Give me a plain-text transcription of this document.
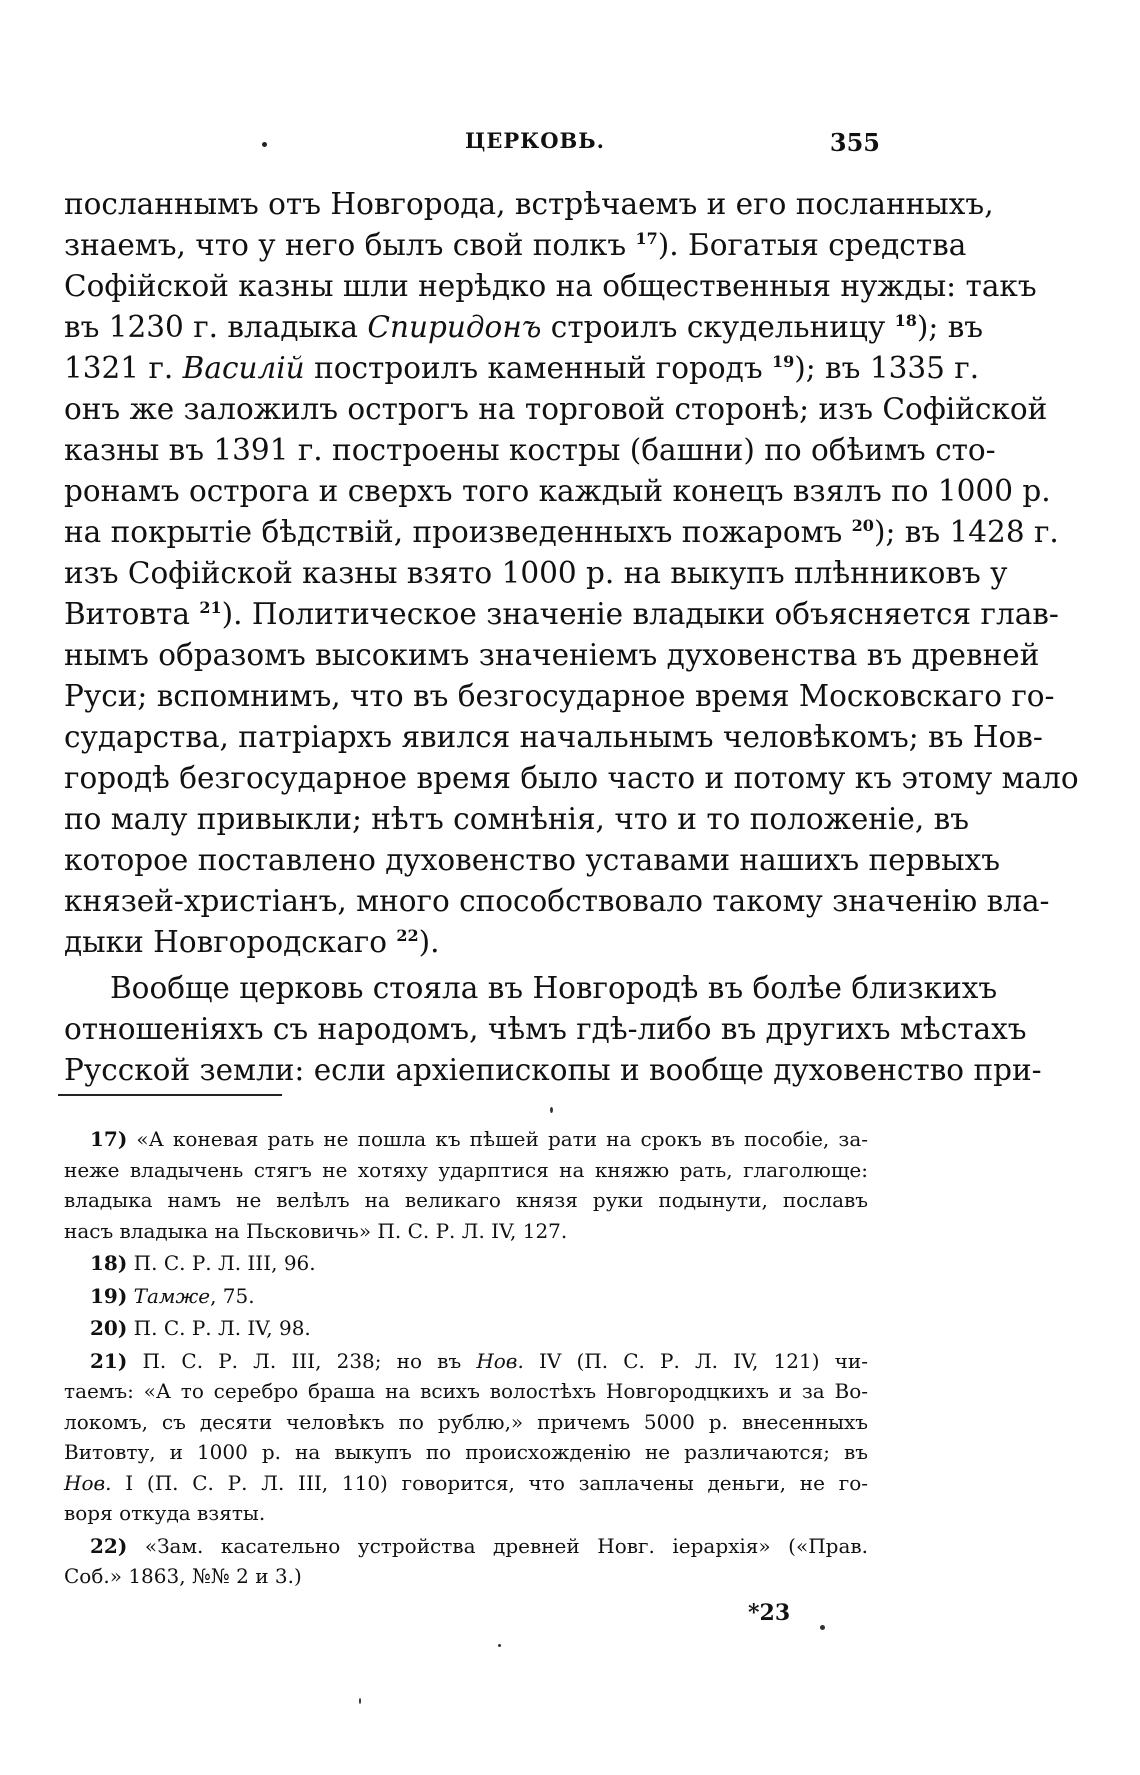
ЦЕРКОВЬ.	355

посланнымъ отъ Новгорода, встрѣчаемъ и его посланныхъ,
знаемъ, что у него былъ свой полкъ $^{17}$). Богатыя средства
Софійской казны шли нерѣдко на общественныя нужды: такъ
въ 1230 г. владыка Спиридонъ строилъ скудельницу $^{18}$); въ
1321 г. Василій построилъ каменный городъ $^{19}$); въ 1335 г.
онъ же заложилъ острогъ на торговой сторонѣ; изъ Софійской
казны въ 1391 г. построены костры (башни) по обѣимъ сто-
ронамъ острога и сверхъ того каждый конецъ взялъ по 1000 р.
на покрытіе бѣдствій, произведенныхъ пожаромъ $^{20}$); въ 1428 г.
изъ Софійской казны взято 1000 р. на выкупъ плѣнниковъ у
Витовта $^{21}$). Политическое значеніе владыки объясняется глав-
нымъ образомъ высокимъ значеніемъ духовенства въ древней
Руси; вспомнимъ, что въ безгосударное время Московскаго го-
сударства, патріархъ явился начальнымъ человѣкомъ; въ Нов-
городѣ безгосударное время было часто и потому къ этому мало
по малу привыкли; нѣтъ сомнѣнія, что и то положеніе, въ
которое поставлено духовенство уставами нашихъ первыхъ
князей-христіанъ, много способствовало такому значенію вла-
дыки Новгородскаго $^{22}$).

Вообще церковь стояла въ Новгородѣ въ болѣе близкихъ
отношеніяхъ съ народомъ, чѣмъ гдѣ-либо въ другихъ мѣстахъ
Русской земли: если архіепископы и вообще духовенство при-

17) «А коневая рать не пошла къ пѣшей рати на срокъ въ пособіе, за-
неже владычень стягъ не хотяху ударптися на княжю рать, глаголюще:
владыка намъ не велѣлъ на великаго князя руки подынути, пославъ
насъ владыка на Пьсковичь» П. С. Р. Л. IV, 127.
18) П. С. Р. Л. III, 96.
19) Тамже, 75.
20) П. С. Р. Л. IV, 98.
21) П. С. Р. Л. III, 238; но въ Нов. IV (П. С. Р. Л. IV, 121) чи-
таемъ: «А то серебро браша на всихъ волостѣхъ Новгородцкихъ и за Во-
локомъ, съ десяти человѣкъ по рублю,» причемъ 5000 р. внесенныхъ
Витовту, и 1000 р. на выкупъ по происхожденію не различаются; въ
Нов. I (П. С. Р. Л. III, 110) говорится, что заплачены деньги, не го-
воря откуда взяты.
22) «Зам. касательно устройства древней Новг. іерархія» («Прав.
Соб.» 1863, №№ 2 и 3.)
*23
